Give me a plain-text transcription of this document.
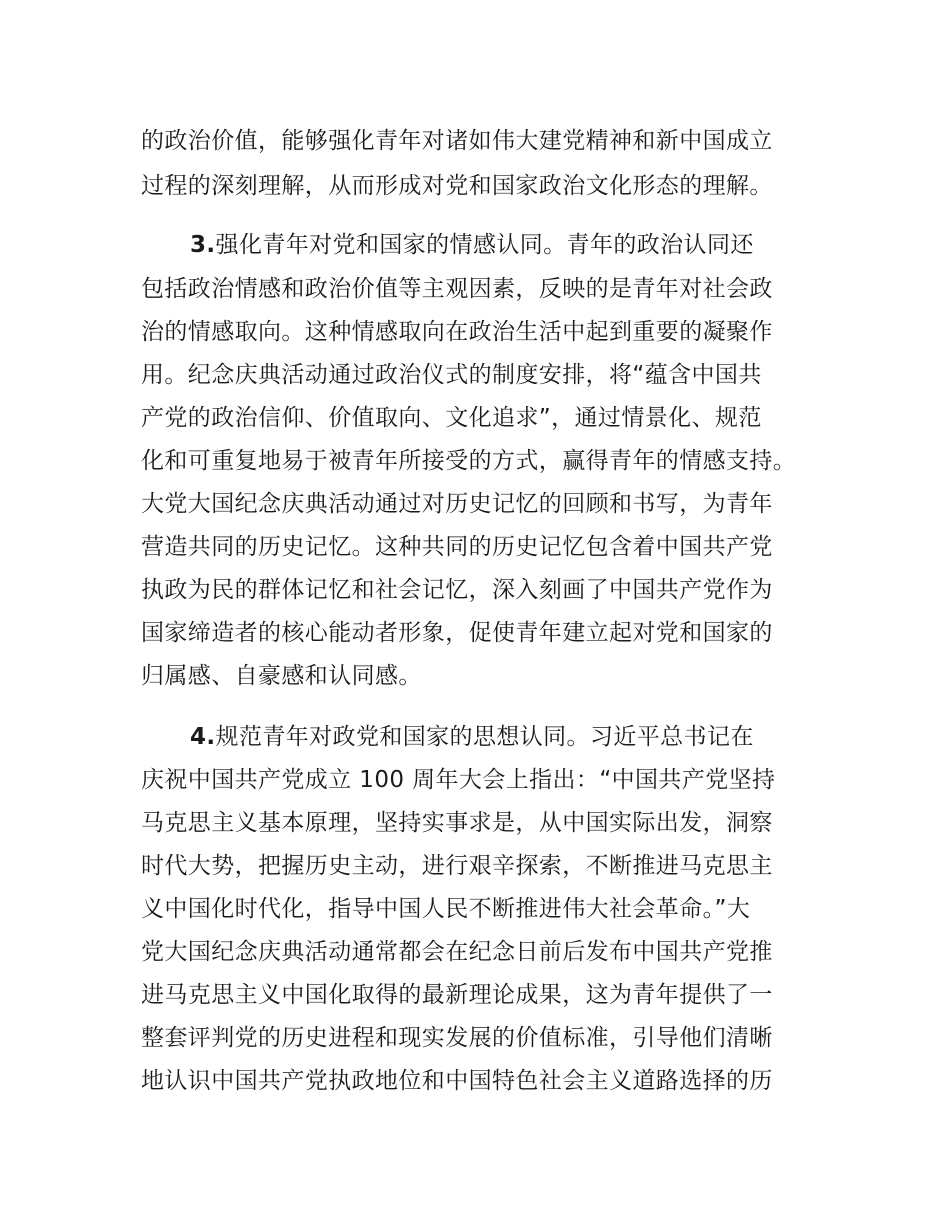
的政治价值，能够强化青年对诸如伟大建党精神和新中国成立
过程的深刻理解，从而形成对党和国家政治文化形态的理解。
3.强化青年对党和国家的情感认同。青年的政治认同还
包括政治情感和政治价值等主观因素，反映的是青年对社会政
治的情感取向。这种情感取向在政治生活中起到重要的凝聚作
用。纪念庆典活动通过政治仪式的制度安排，将“蕴含中国共
产党的政治信仰、价值取向、文化追求”，通过情景化、规范
化和可重复地易于被青年所接受的方式，赢得青年的情感支持。
大党大国纪念庆典活动通过对历史记忆的回顾和书写，为青年
营造共同的历史记忆。这种共同的历史记忆包含着中国共产党
执政为民的群体记忆和社会记忆，深入刻画了中国共产党作为
国家缔造者的核心能动者形象，促使青年建立起对党和国家的
归属感、自豪感和认同感。
4.规范青年对政党和国家的思想认同。习近平总书记在
庆祝中国共产党成立 100 周年大会上指出：“中国共产党坚持
马克思主义基本原理，坚持实事求是，从中国实际出发，洞察
时代大势，把握历史主动，进行艰辛探索，不断推进马克思主
义中国化时代化，指导中国人民不断推进伟大社会革命。”大
党大国纪念庆典活动通常都会在纪念日前后发布中国共产党推
进马克思主义中国化取得的最新理论成果，这为青年提供了一
整套评判党的历史进程和现实发展的价值标准，引导他们清晰
地认识中国共产党执政地位和中国特色社会主义道路选择的历
